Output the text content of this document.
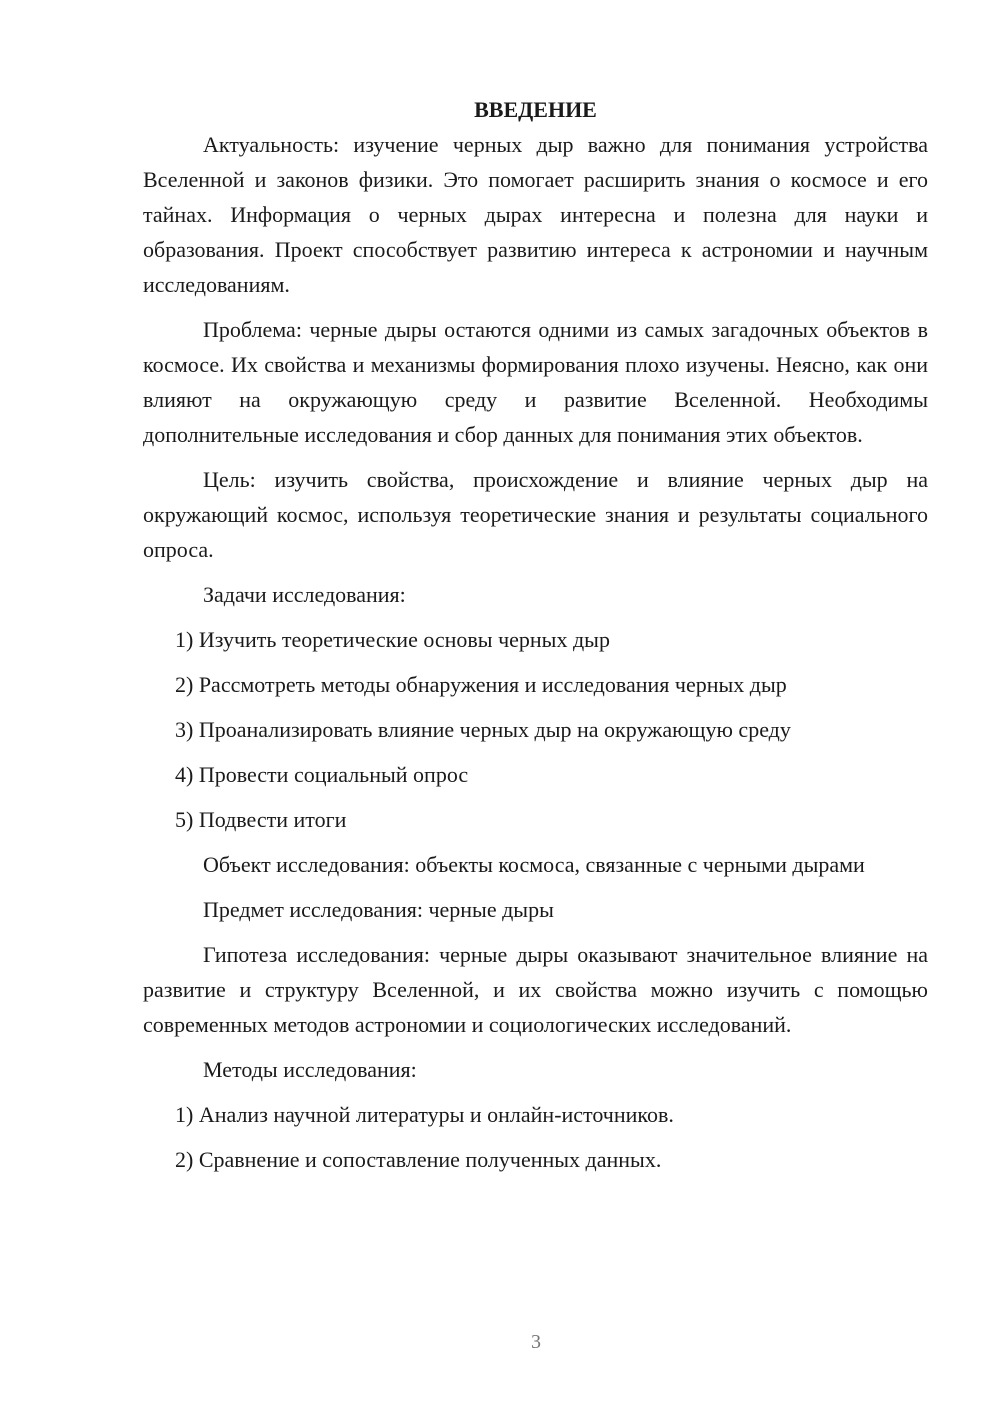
ВВЕДЕНИЕ

Актуальность: изучение черных дыр важно для понимания устройства Вселенной и законов физики. Это помогает расширить знания о космосе и его тайнах. Информация о черных дырах интересна и полезна для науки и образования. Проект способствует развитию интереса к астрономии и научным исследованиям.

Проблема: черные дыры остаются одними из самых загадочных объектов в космосе. Их свойства и механизмы формирования плохо изучены. Неясно, как они влияют на окружающую среду и развитие Вселенной. Необходимы дополнительные исследования и сбор данных для понимания этих объектов.

Цель: изучить свойства, происхождение и влияние черных дыр на окружающий космос, используя теоретические знания и результаты социального опроса.

Задачи исследования:

1) Изучить теоретические основы черных дыр

2) Рассмотреть методы обнаружения и исследования черных дыр

3) Проанализировать влияние черных дыр на окружающую среду

4) Провести социальный опрос

5) Подвести итоги

Объект исследования: объекты космоса, связанные с черными дырами

Предмет исследования: черные дыры

Гипотеза исследования: черные дыры оказывают значительное влияние на развитие и структуру Вселенной, и их свойства можно изучить с помощью современных методов астрономии и социологических исследований.

Методы исследования:

1) Анализ научной литературы и онлайн-источников.

2) Сравнение и сопоставление полученных данных.

3
